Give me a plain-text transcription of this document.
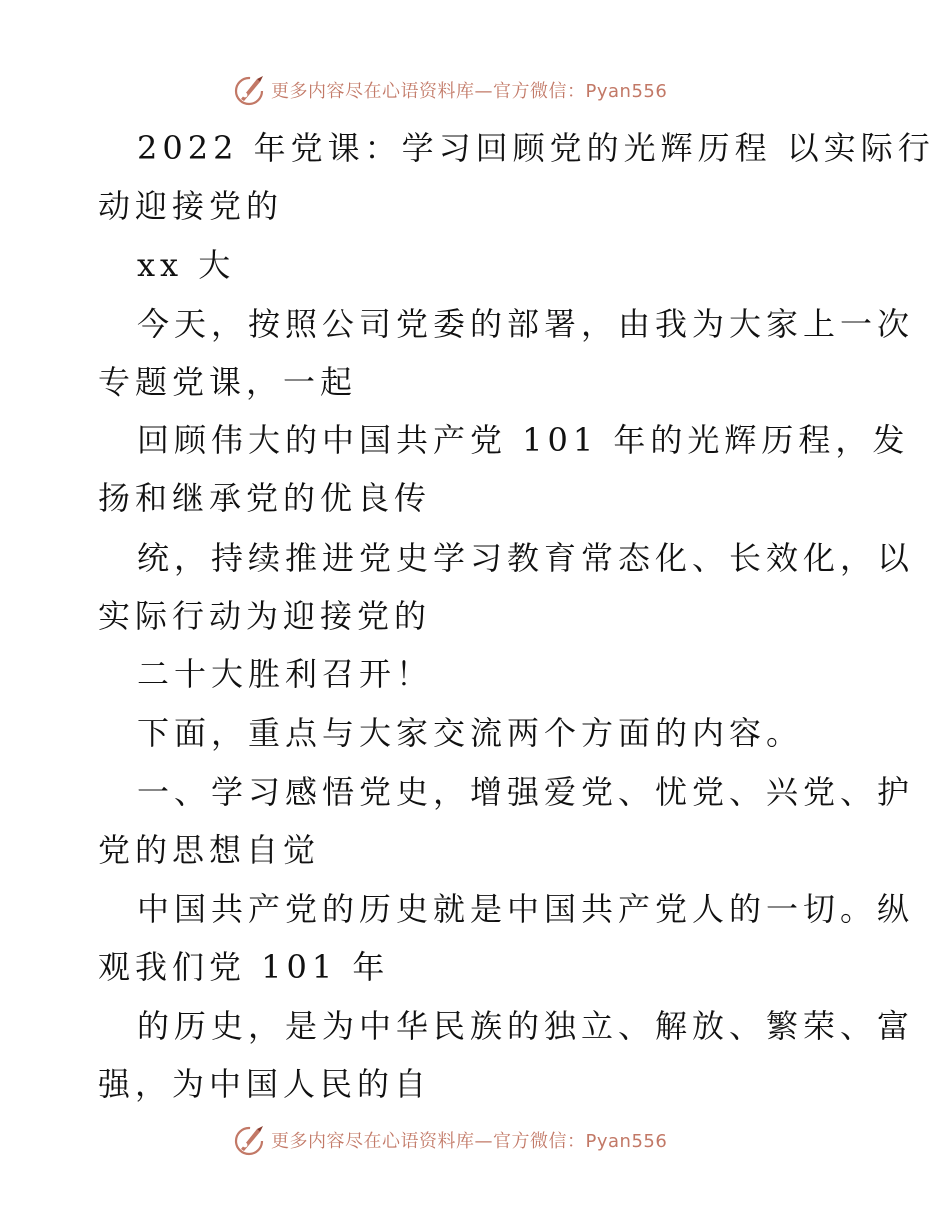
更多内容尽在心语资料库—官方微信：Pyan556
2022 年党课：学习回顾党的光辉历程 以实际行
动迎接党的
xx 大
今天，按照公司党委的部署，由我为大家上一次
专题党课，一起
回顾伟大的中国共产党 101 年的光辉历程，发
扬和继承党的优良传
统，持续推进党史学习教育常态化、长效化，以
实际行动为迎接党的
二十大胜利召开！
下面，重点与大家交流两个方面的内容。
一、学习感悟党史，增强爱党、忧党、兴党、护
党的思想自觉
中国共产党的历史就是中国共产党人的一切。纵
观我们党 101 年
的历史，是为中华民族的独立、解放、繁荣、富
强，为中国人民的自
更多内容尽在心语资料库—官方微信：Pyan556
